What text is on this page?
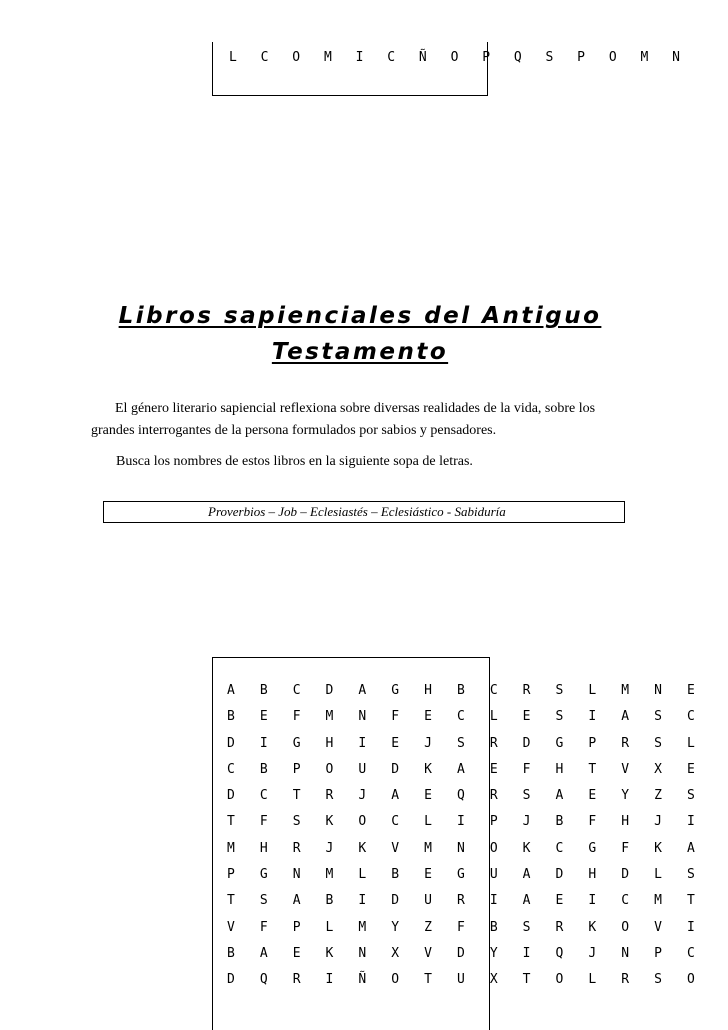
L C O M I C Ñ O P Q S P O M N
Libros sapienciales del Antiguo
Testamento

El género literario sapiencial reflexiona sobre diversas realidades de la vida, sobre los grandes interrogantes de la persona formulados por sabios y pensadores.

Busca los nombres de estos libros en la siguiente sopa de letras.
Proverbios – Job – Eclesiastés – Eclesiástico - Sabiduría
A B C D A G H B C R S L M N E
B E F M N F E C L E S I A S C
D I G H I E J S R D G P R S L
C B P O U D K A E F H T V X E
D C T R J A E Q R S A E Y Z S
T F S K O C L I P J B F H J I
M H R J K V M N O K C G F K A
P G N M L B E G U A D H D L S
T S A B I D U R I A E I C M T
V F P L M Y Z F B S R K O V I
B A E K N X V D Y I Q J N P C
D Q R I Ñ O T U X T O L R S O
